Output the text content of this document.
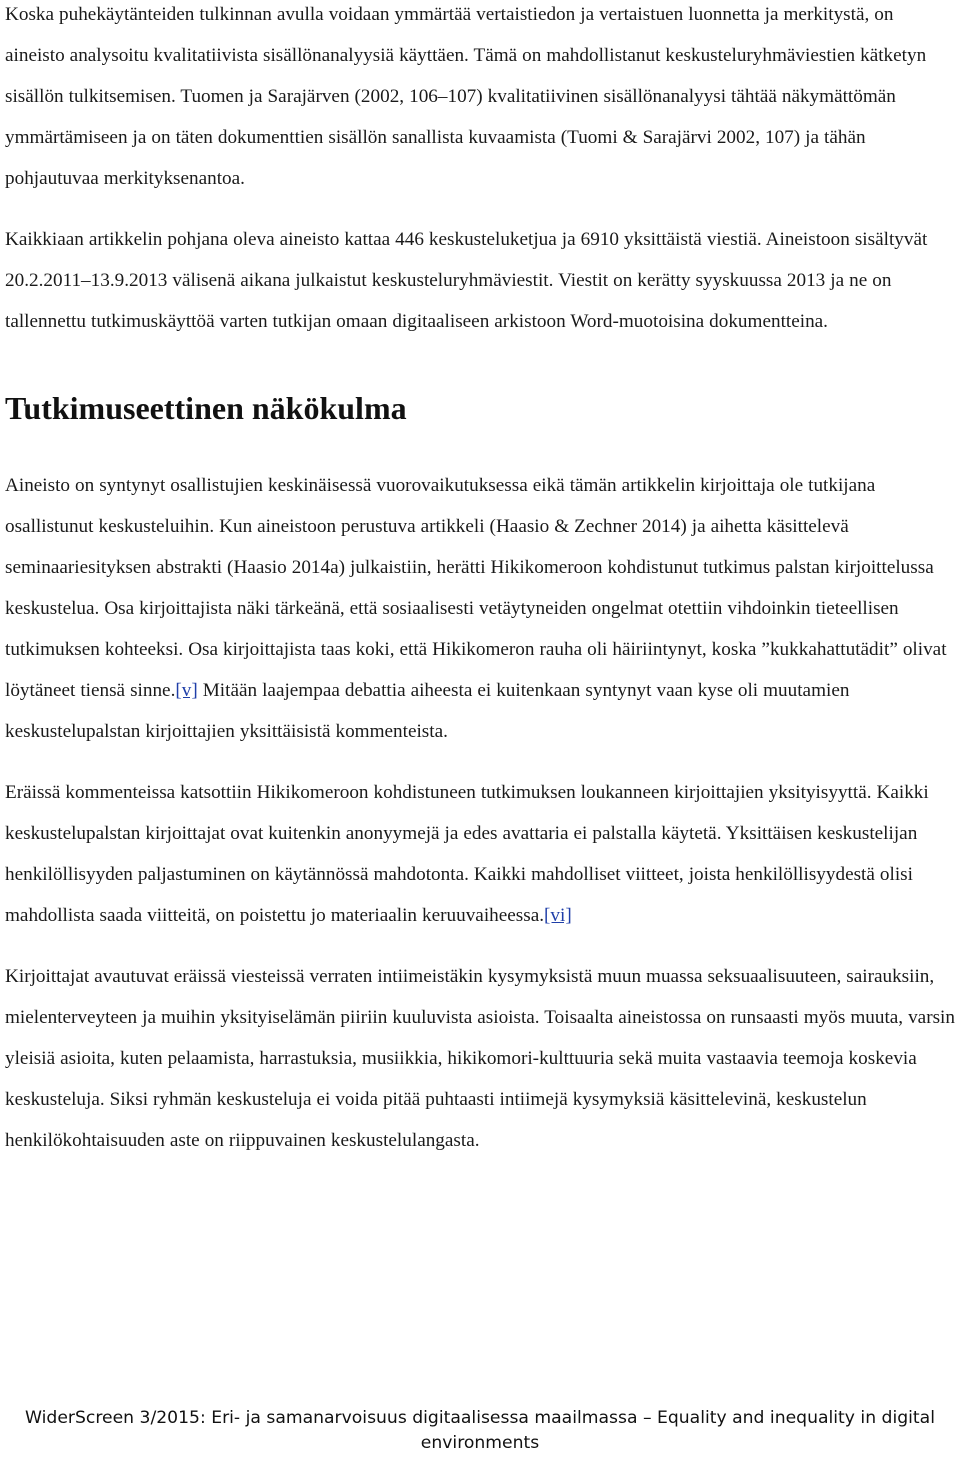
Koska puhekäytänteiden tulkinnan avulla voidaan ymmärtää vertaistiedon ja vertaistuen luonnetta ja merkitystä, on aineisto analysoitu kvalitatiivista sisällönanalyysiä käyttäen. Tämä on mahdollistanut keskusteluryhmäviestien kätketyn sisällön tulkitsemisen. Tuomen ja Sarajärven (2002, 106–107) kvalitatiivinen sisällönanalyysi tähtää näkymättömän ymmärtämiseen ja on täten dokumenttien sisällön sanallista kuvaamista (Tuomi & Sarajärvi 2002, 107) ja tähän pohjautuvaa merkityksenantoa.

Kaikkiaan artikkelin pohjana oleva aineisto kattaa 446 keskusteluketjua ja 6910 yksittäistä viestiä. Aineistoon sisältyvät 20.2.2011–13.9.2013 välisenä aikana julkaistut keskusteluryhmäviestit. Viestit on kerätty syyskuussa 2013 ja ne on tallennettu tutkimuskäyttöä varten tutkijan omaan digitaaliseen arkistoon Word-muotoisina dokumentteina.

Tutkimuseettinen näkökulma

Aineisto on syntynyt osallistujien keskinäisessä vuorovaikutuksessa eikä tämän artikkelin kirjoittaja ole tutkijana osallistunut keskusteluihin. Kun aineistoon perustuva artikkeli (Haasio & Zechner 2014) ja aihetta käsittelevä seminaariesityksen abstrakti (Haasio 2014a) julkaistiin, herätti Hikikomeroon kohdistunut tutkimus palstan kirjoittelussa keskustelua. Osa kirjoittajista näki tärkeänä, että sosiaalisesti vetäytyneiden ongelmat otettiin vihdoinkin tieteellisen tutkimuksen kohteeksi. Osa kirjoittajista taas koki, että Hikikomeron rauha oli häiriintynyt, koska ”kukkahattutädit” olivat löytäneet tiensä sinne.[v] Mitään laajempaa debattia aiheesta ei kuitenkaan syntynyt vaan kyse oli muutamien keskustelupalstan kirjoittajien yksittäisistä kommenteista.

Eräissä kommenteissa katsottiin Hikikomeroon kohdistuneen tutkimuksen loukanneen kirjoittajien yksityisyyttä. Kaikki keskustelupalstan kirjoittajat ovat kuitenkin anonyymejä ja edes avattaria ei palstalla käytetä. Yksittäisen keskustelijan henkilöllisyyden paljastuminen on käytännössä mahdotonta. Kaikki mahdolliset viitteet, joista henkilöllisyydestä olisi mahdollista saada viitteitä, on poistettu jo materiaalin keruuvaiheessa.[vi]

Kirjoittajat avautuvat eräissä viesteissä verraten intiimeistäkin kysymyksistä muun muassa seksuaalisuuteen, sairauksiin, mielenterveyteen ja muihin yksityiselämän piiriin kuuluvista asioista. Toisaalta aineistossa on runsaasti myös muuta, varsin yleisiä asioita, kuten pelaamista, harrastuksia, musiikkia, hikikomori-kulttuuria sekä muita vastaavia teemoja koskevia keskusteluja. Siksi ryhmän keskusteluja ei voida pitää puhtaasti intiimejä kysymyksiä käsittelevinä, keskustelun henkilökohtaisuuden aste on riippuvainen keskustelulangasta.

WiderScreen 3/2015: Eri- ja samanarvoisuus digitaalisessa maailmassa – Equality and inequality in digital environments
